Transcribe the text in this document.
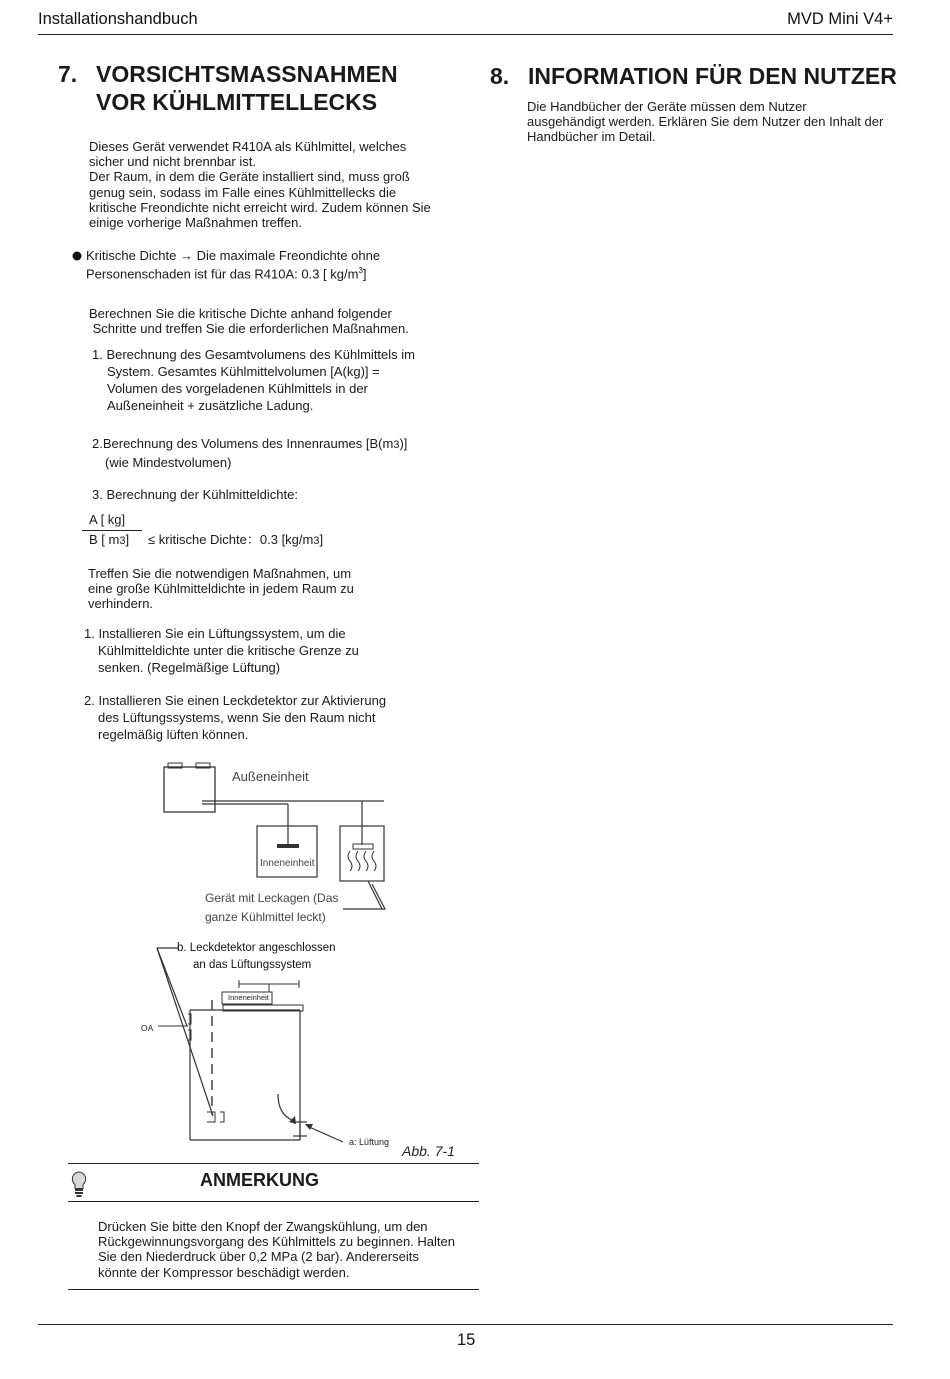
Installationshandbuch	MVD Mini V4+
7. VORSICHTSMASSNAHMEN
VOR KÜHLMITTELLECKS
Dieses Gerät verwendet R410A als Kühlmittel, welches
sicher und nicht brennbar ist.
Der Raum, in dem die Geräte installiert sind, muss groß
genug sein, sodass im Falle eines Kühlmittellecks die
kritische Freondichte nicht erreicht wird. Zudem können Sie
einige vorherige Maßnahmen treffen.
Kritische Dichte → Die maximale Freondichte ohne
Personenschaden ist für das R410A: 0.3 [ $kg/m^3$]
Berechnen Sie die kritische Dichte anhand folgender
Schritte und treffen Sie die erforderlichen Maßnahmen.
1. Berechnung des Gesamtvolumens des Kühlmittels im
System. Gesamtes Kühlmittelvolumen [A(kg)] =
Volumen des vorgeladenen Kühlmittels in der
Außeneinheit + zusätzliche Ladung.
2.Berechnung des Volumens des Innenraumes [B(m3)]
(wie Mindestvolumen)
3. Berechnung der Kühlmitteldichte:
A [ kg]
B [ m3] ≤ kritische Dichte：0.3 [kg/m3]
Treffen Sie die notwendigen Maßnahmen, um
eine große Kühlmitteldichte in jedem Raum zu
verhindern.
1. Installieren Sie ein Lüftungssystem, um die
Kühlmitteldichte unter die kritische Grenze zu
senken. (Regelmäßige Lüftung)
2. Installieren Sie einen Leckdetektor zur Aktivierung
des Lüftungssystems, wenn Sie den Raum nicht
regelmäßig lüften können.
Außeneinheit
Inneneinheit
Gerät mit Leckagen (Das
ganze Kühlmittel leckt)
b. Leckdetektor angeschlossen
an das Lüftungssystem
Inneneinheit
OA
a: Lüftung
Abb. 7-1
ANMERKUNG
Drücken Sie bitte den Knopf der Zwangskühlung, um den
Rückgewinnungsvorgang des Kühlmittels zu beginnen. Halten
Sie den Niederdruck über 0,2 MPa (2 bar). Andererseits
könnte der Kompressor beschädigt werden.
8. INFORMATION FÜR DEN NUTZER
Die Handbücher der Geräte müssen dem Nutzer
ausgehändigt werden. Erklären Sie dem Nutzer den Inhalt der
Handbücher im Detail.
15
